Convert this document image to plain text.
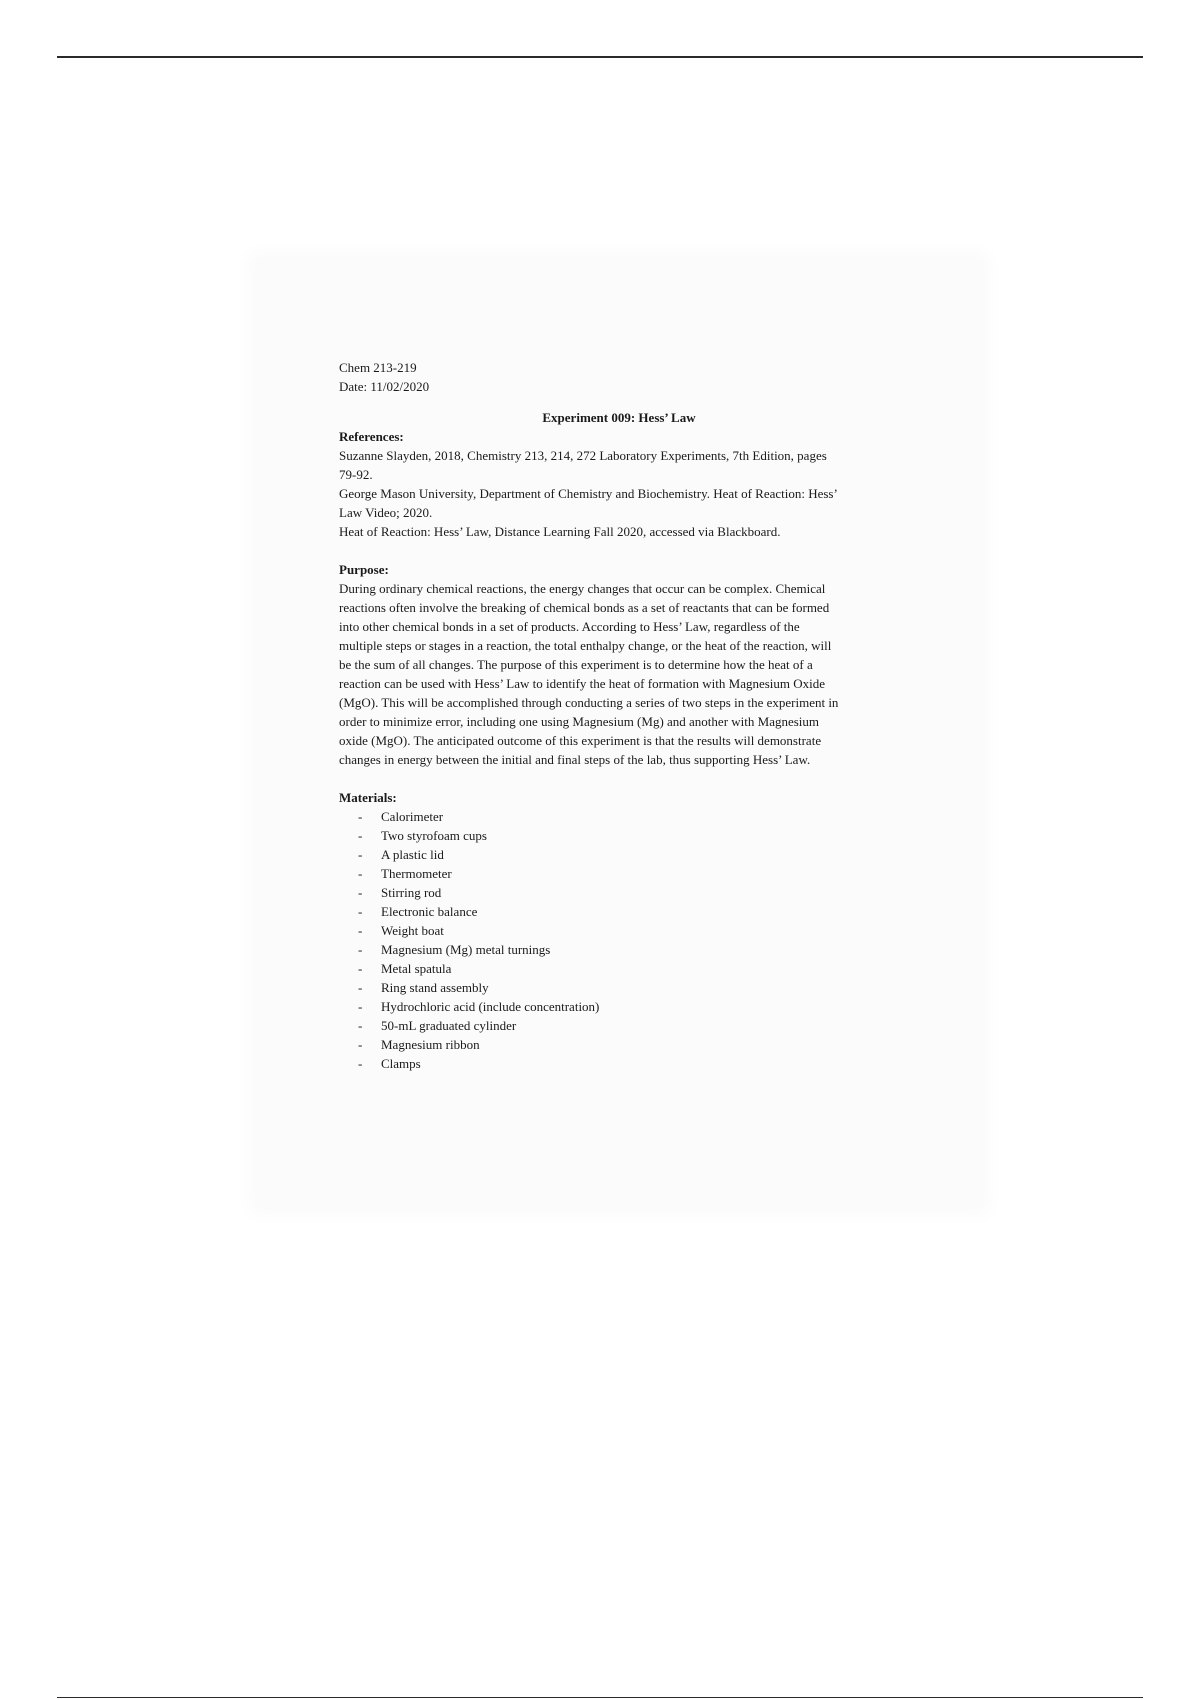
Chem 213-219

Date: 11/02/2020

Experiment 009: Hess’ Law

References:

Suzanne Slayden, 2018, Chemistry 213, 214, 272 Laboratory Experiments, 7th Edition, pages

79-92.

George Mason University, Department of Chemistry and Biochemistry. Heat of Reaction: Hess’

Law Video; 2020.

Heat of Reaction: Hess’ Law, Distance Learning Fall 2020, accessed via Blackboard.

Purpose:

During ordinary chemical reactions, the energy changes that occur can be complex. Chemical

reactions often involve the breaking of chemical bonds as a set of reactants that can be formed

into other chemical bonds in a set of products. According to Hess’ Law, regardless of the

multiple steps or stages in a reaction, the total enthalpy change, or the heat of the reaction, will

be the sum of all changes. The purpose of this experiment is to determine how the heat of a

reaction can be used with Hess’ Law to identify the heat of formation with Magnesium Oxide

(MgO). This will be accomplished through conducting a series of two steps in the experiment in

order to minimize error, including one using Magnesium (Mg) and another with Magnesium

oxide (MgO). The anticipated outcome of this experiment is that the results will demonstrate

changes in energy between the initial and final steps of the lab, thus supporting Hess’ Law.

Materials:

- Calorimeter
- Two styrofoam cups
- A plastic lid
- Thermometer
- Stirring rod
- Electronic balance
- Weight boat
- Magnesium (Mg) metal turnings
- Metal spatula
- Ring stand assembly
- Hydrochloric acid (include concentration)
- 50-mL graduated cylinder
- Magnesium ribbon
- Clamps
